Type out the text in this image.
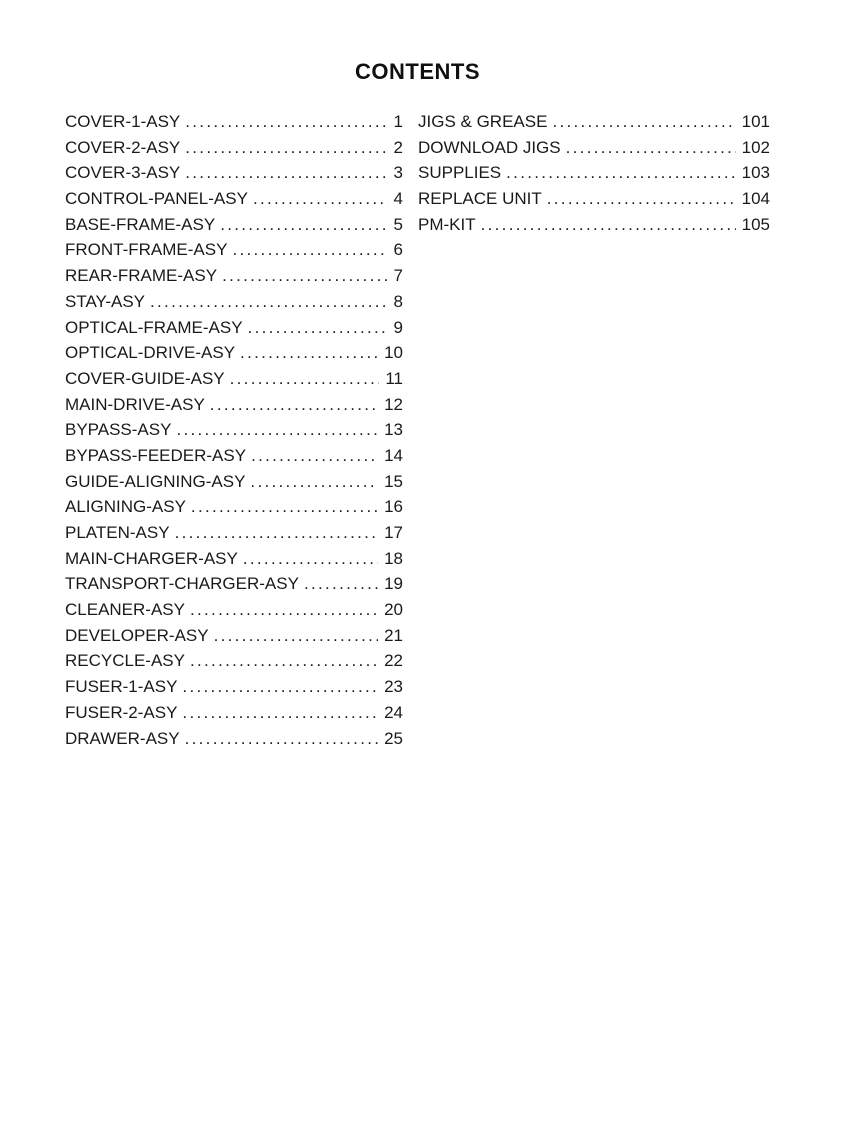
CONTENTS
COVER-1-ASY .....	1
COVER-2-ASY .....	2
COVER-3-ASY .....	3
CONTROL-PANEL-ASY .....	4
BASE-FRAME-ASY .....	5
FRONT-FRAME-ASY .....	6
REAR-FRAME-ASY .....	7
STAY-ASY .....	8
OPTICAL-FRAME-ASY .....	9
OPTICAL-DRIVE-ASY .....	10
COVER-GUIDE-ASY .....	11
MAIN-DRIVE-ASY .....	12
BYPASS-ASY .....	13
BYPASS-FEEDER-ASY .....	14
GUIDE-ALIGNING-ASY .....	15
ALIGNING-ASY .....	16
PLATEN-ASY .....	17
MAIN-CHARGER-ASY .....	18
TRANSPORT-CHARGER-ASY .....	19
CLEANER-ASY .....	20
DEVELOPER-ASY .....	21
RECYCLE-ASY .....	22
FUSER-1-ASY .....	23
FUSER-2-ASY .....	24
DRAWER-ASY .....	25
JIGS & GREASE .....	101
DOWNLOAD JIGS .....	102
SUPPLIES .....	103
REPLACE UNIT .....	104
PM-KIT .....	105
